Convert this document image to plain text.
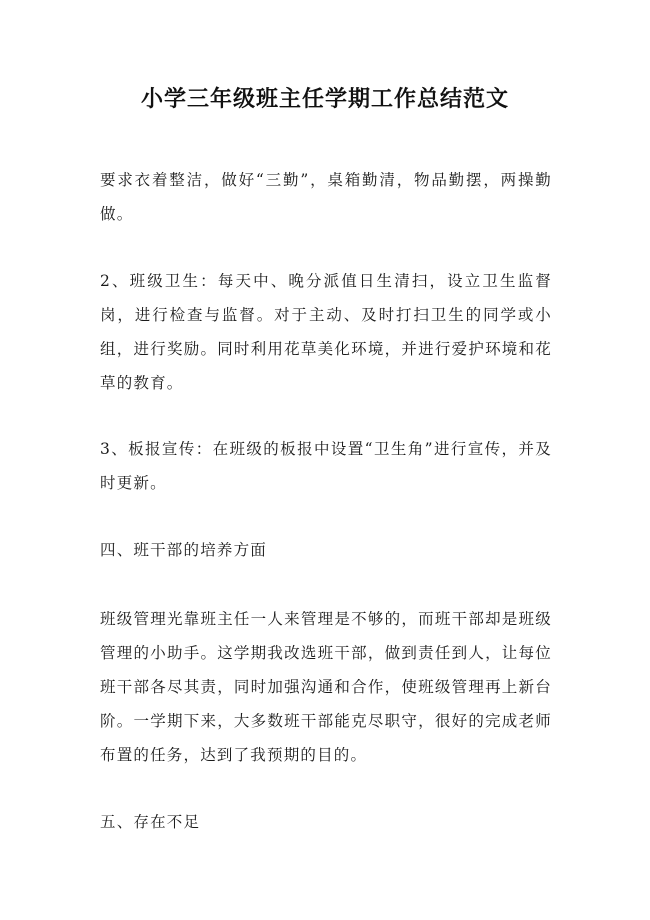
小学三年级班主任学期工作总结范文

要求衣着整洁，做好“三勤”，桌箱勤清，物品勤摆，两操勤做。

2、班级卫生：每天中、晚分派值日生清扫，设立卫生监督岗，进行检查与监督。对于主动、及时打扫卫生的同学或小组，进行奖励。同时利用花草美化环境，并进行爱护环境和花草的教育。

3、板报宣传：在班级的板报中设置“卫生角”进行宣传，并及时更新。

四、班干部的培养方面

班级管理光靠班主任一人来管理是不够的，而班干部却是班级管理的小助手。这学期我改选班干部，做到责任到人，让每位班干部各尽其责，同时加强沟通和合作，使班级管理再上新台阶。一学期下来，大多数班干部能克尽职守，很好的完成老师布置的任务，达到了我预期的目的。

五、存在不足
